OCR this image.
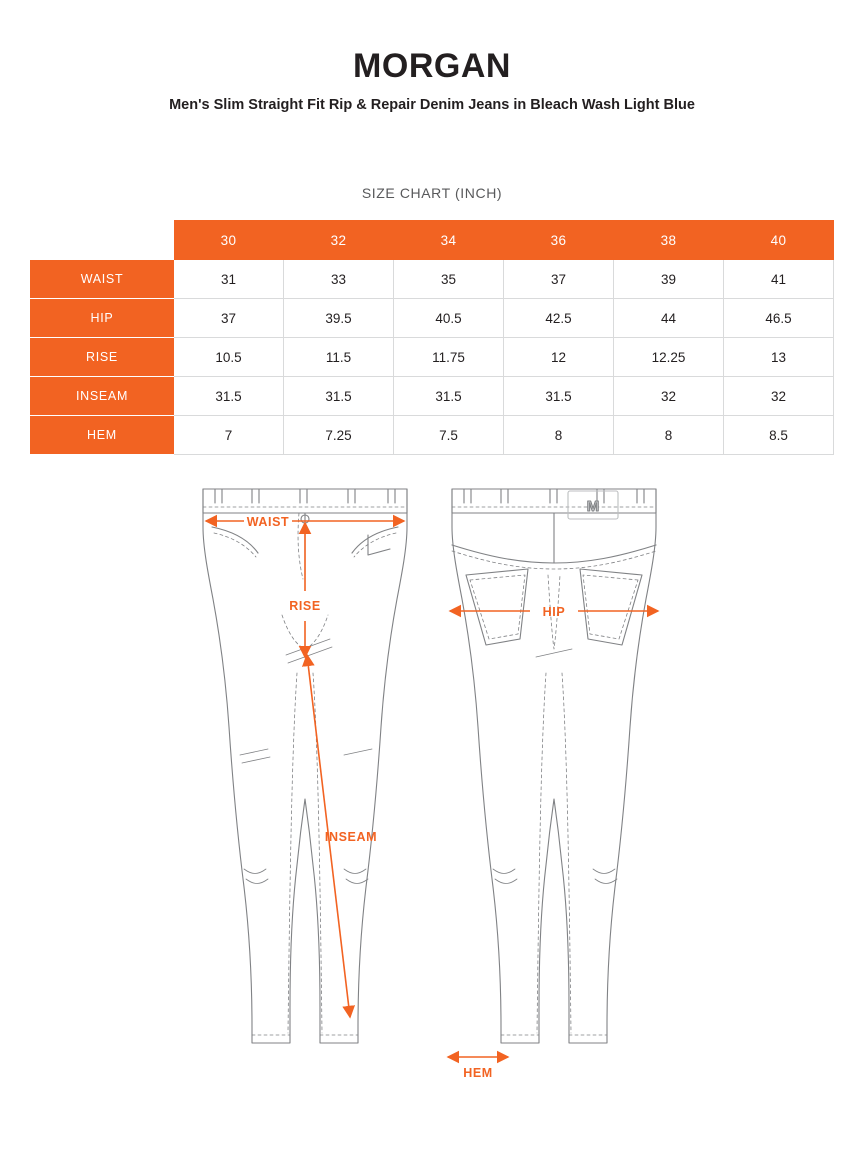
MORGAN

Men's Slim Straight Fit Rip & Repair Denim Jeans in Bleach Wash Light Blue

SIZE CHART (INCH)
	30	32	34	36	38	40
WAIST	31	33	35	37	39	41
HIP	37	39.5	40.5	42.5	44	46.5
RISE	10.5	11.5	11.75	12	12.25	13
INSEAM	31.5	31.5	31.5	31.5	32	32
HEM	7	7.25	7.5	8	8	8.5
WAIST
RISE
INSEAM
M
HIP
HEM
